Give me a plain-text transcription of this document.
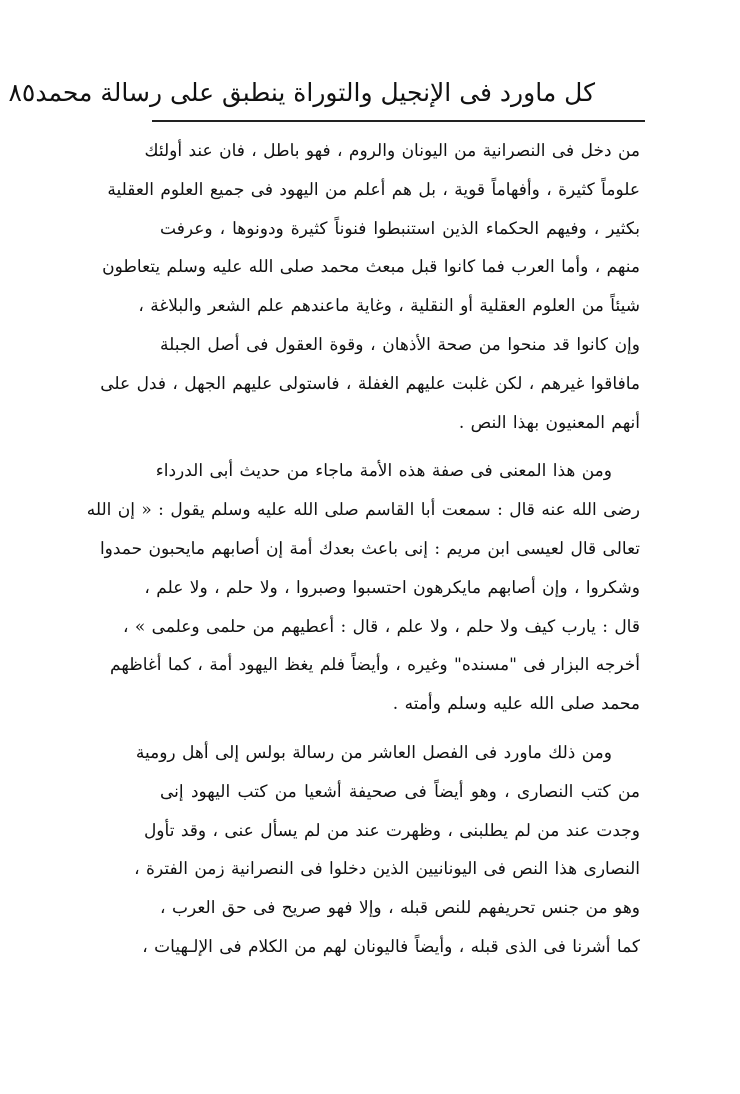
كل ماورد فى الإنجيل والتوراة ينطبق على رسالة محمد
٨٥
من دخل فى النصرانية من اليونان والروم ، فهو باطل ، فان عند أولئك
علوماً كثيرة ، وأفهاماً قوية ، بل هم أعلم من اليهود فى جميع العلوم العقلية
بكثير ، وفيهم الحكماء الذين استنبطوا فنوناً كثيرة ودونوها ، وعرفت
منهم ، وأما العرب فما كانوا قبل مبعث محمد صلى الله عليه وسلم يتعاطون
شيئاً من العلوم العقلية أو النقلية ، وغاية ماعندهم علم الشعر والبلاغة ،
وإن كانوا قد منحوا من صحة الأذهان ، وقوة العقول فى أصل الجبلة
مافاقوا غيرهم ، لكن غلبت عليهم الغفلة ، فاستولى عليهم الجهل ، فدل على
أنهم المعنيون بهذا النص .
ومن هذا المعنى فى صفة هذه الأمة ماجاء من حديث أبى الدرداء
رضى الله عنه قال : سمعت أبا القاسم صلى الله عليه وسلم يقول : « إن الله
تعالى قال لعيسى ابن مريم : إنى باعث بعدك أمة إن أصابهم مايحبون حمدوا
وشكروا ، وإن أصابهم مايكرهون احتسبوا وصبروا ، ولا حلم ، ولا علم ،
قال : يارب كيف ولا حلم ، ولا علم ، قال : أعطيهم من حلمى وعلمى » ،
أخرجه البزار فى "مسنده" وغيره ، وأيضاً فلم يغظ اليهود أمة ، كما أغاظهم
محمد صلى الله عليه وسلم وأمته .
ومن ذلك ماورد فى الفصل العاشر من رسالة بولس إلى أهل رومية
من كتب النصارى ، وهو أيضاً فى صحيفة أشعيا من كتب اليهود إنى
وجدت عند من لم يطلبنى ، وظهرت عند من لم يسأل عنى ، وقد تأول
النصارى هذا النص فى اليونانيين الذين دخلوا فى النصرانية زمن الفترة ،
وهو من جنس تحريفهم للنص قبله ، وإلا فهو صريح فى حق العرب ،
كما أشرنا فى الذى قبله ، وأيضاً فاليونان لهم من الكلام فى الإلـهيات ،
